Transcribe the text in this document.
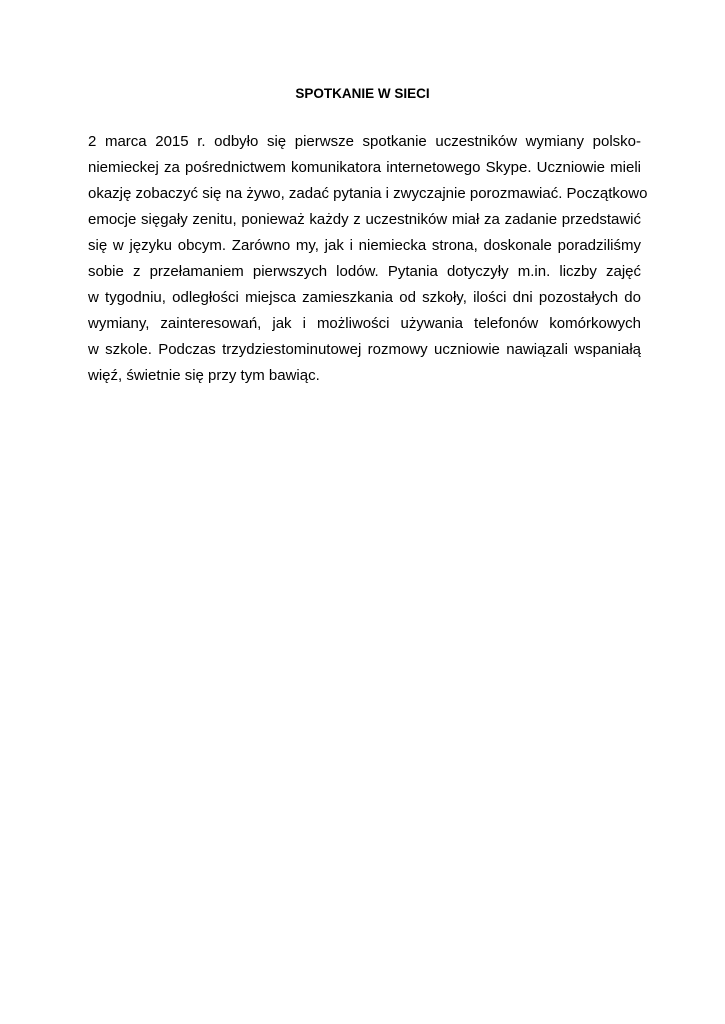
SPOTKANIE W SIECI
2 marca 2015 r. odbyło się pierwsze spotkanie uczestników wymiany polsko-
niemieckej za pośrednictwem komunikatora internetowego Skype. Uczniowie mieli
okazję zobaczyć się na żywo, zadać pytania i zwyczajnie porozmawiać. Początkowo
emocje sięgały zenitu, ponieważ każdy z uczestników miał za zadanie przedstawić
się w języku obcym. Zarówno my, jak i niemiecka strona, doskonale poradziliśmy
sobie z przełamaniem pierwszych lodów. Pytania dotyczyły m.in. liczby zajęć
w tygodniu, odległości miejsca zamieszkania od szkoły, ilości dni pozostałych do
wymiany, zainteresowań, jak i możliwości używania telefonów komórkowych
w szkole. Podczas trzydziestominutowej rozmowy uczniowie nawiązali wspaniałą
więź, świetnie się przy tym bawiąc.
